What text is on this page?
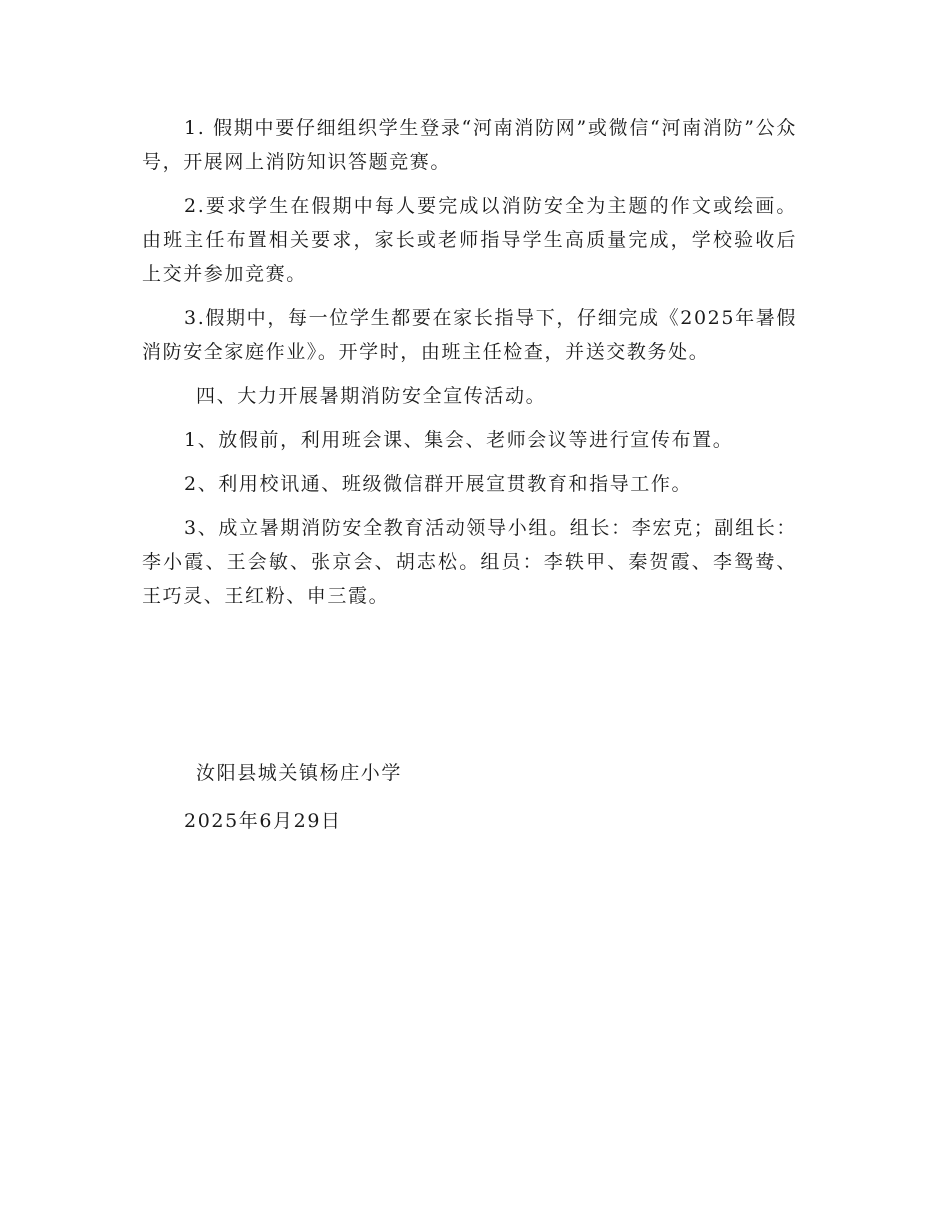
1. 假期中要仔细组织学生登录“河南消防网”或微信“河南消防”公众号，开展网上消防知识答题竞赛。

2.要求学生在假期中每人要完成以消防安全为主题的作文或绘画。由班主任布置相关要求，家长或老师指导学生高质量完成，学校验收后上交并参加竞赛。

3.假期中，每一位学生都要在家长指导下，仔细完成《2025年暑假消防安全家庭作业》。开学时，由班主任检查，并送交教务处。

四、大力开展暑期消防安全宣传活动。

1、放假前，利用班会课、集会、老师会议等进行宣传布置。

2、利用校讯通、班级微信群开展宣贯教育和指导工作。

3、成立暑期消防安全教育活动领导小组。组长：李宏克；副组长：李小霞、王会敏、张京会、胡志松。组员：李轶甲、秦贺霞、李鸳鸯、王巧灵、王红粉、申三霞。

汝阳县城关镇杨庄小学

2025年6月29日
